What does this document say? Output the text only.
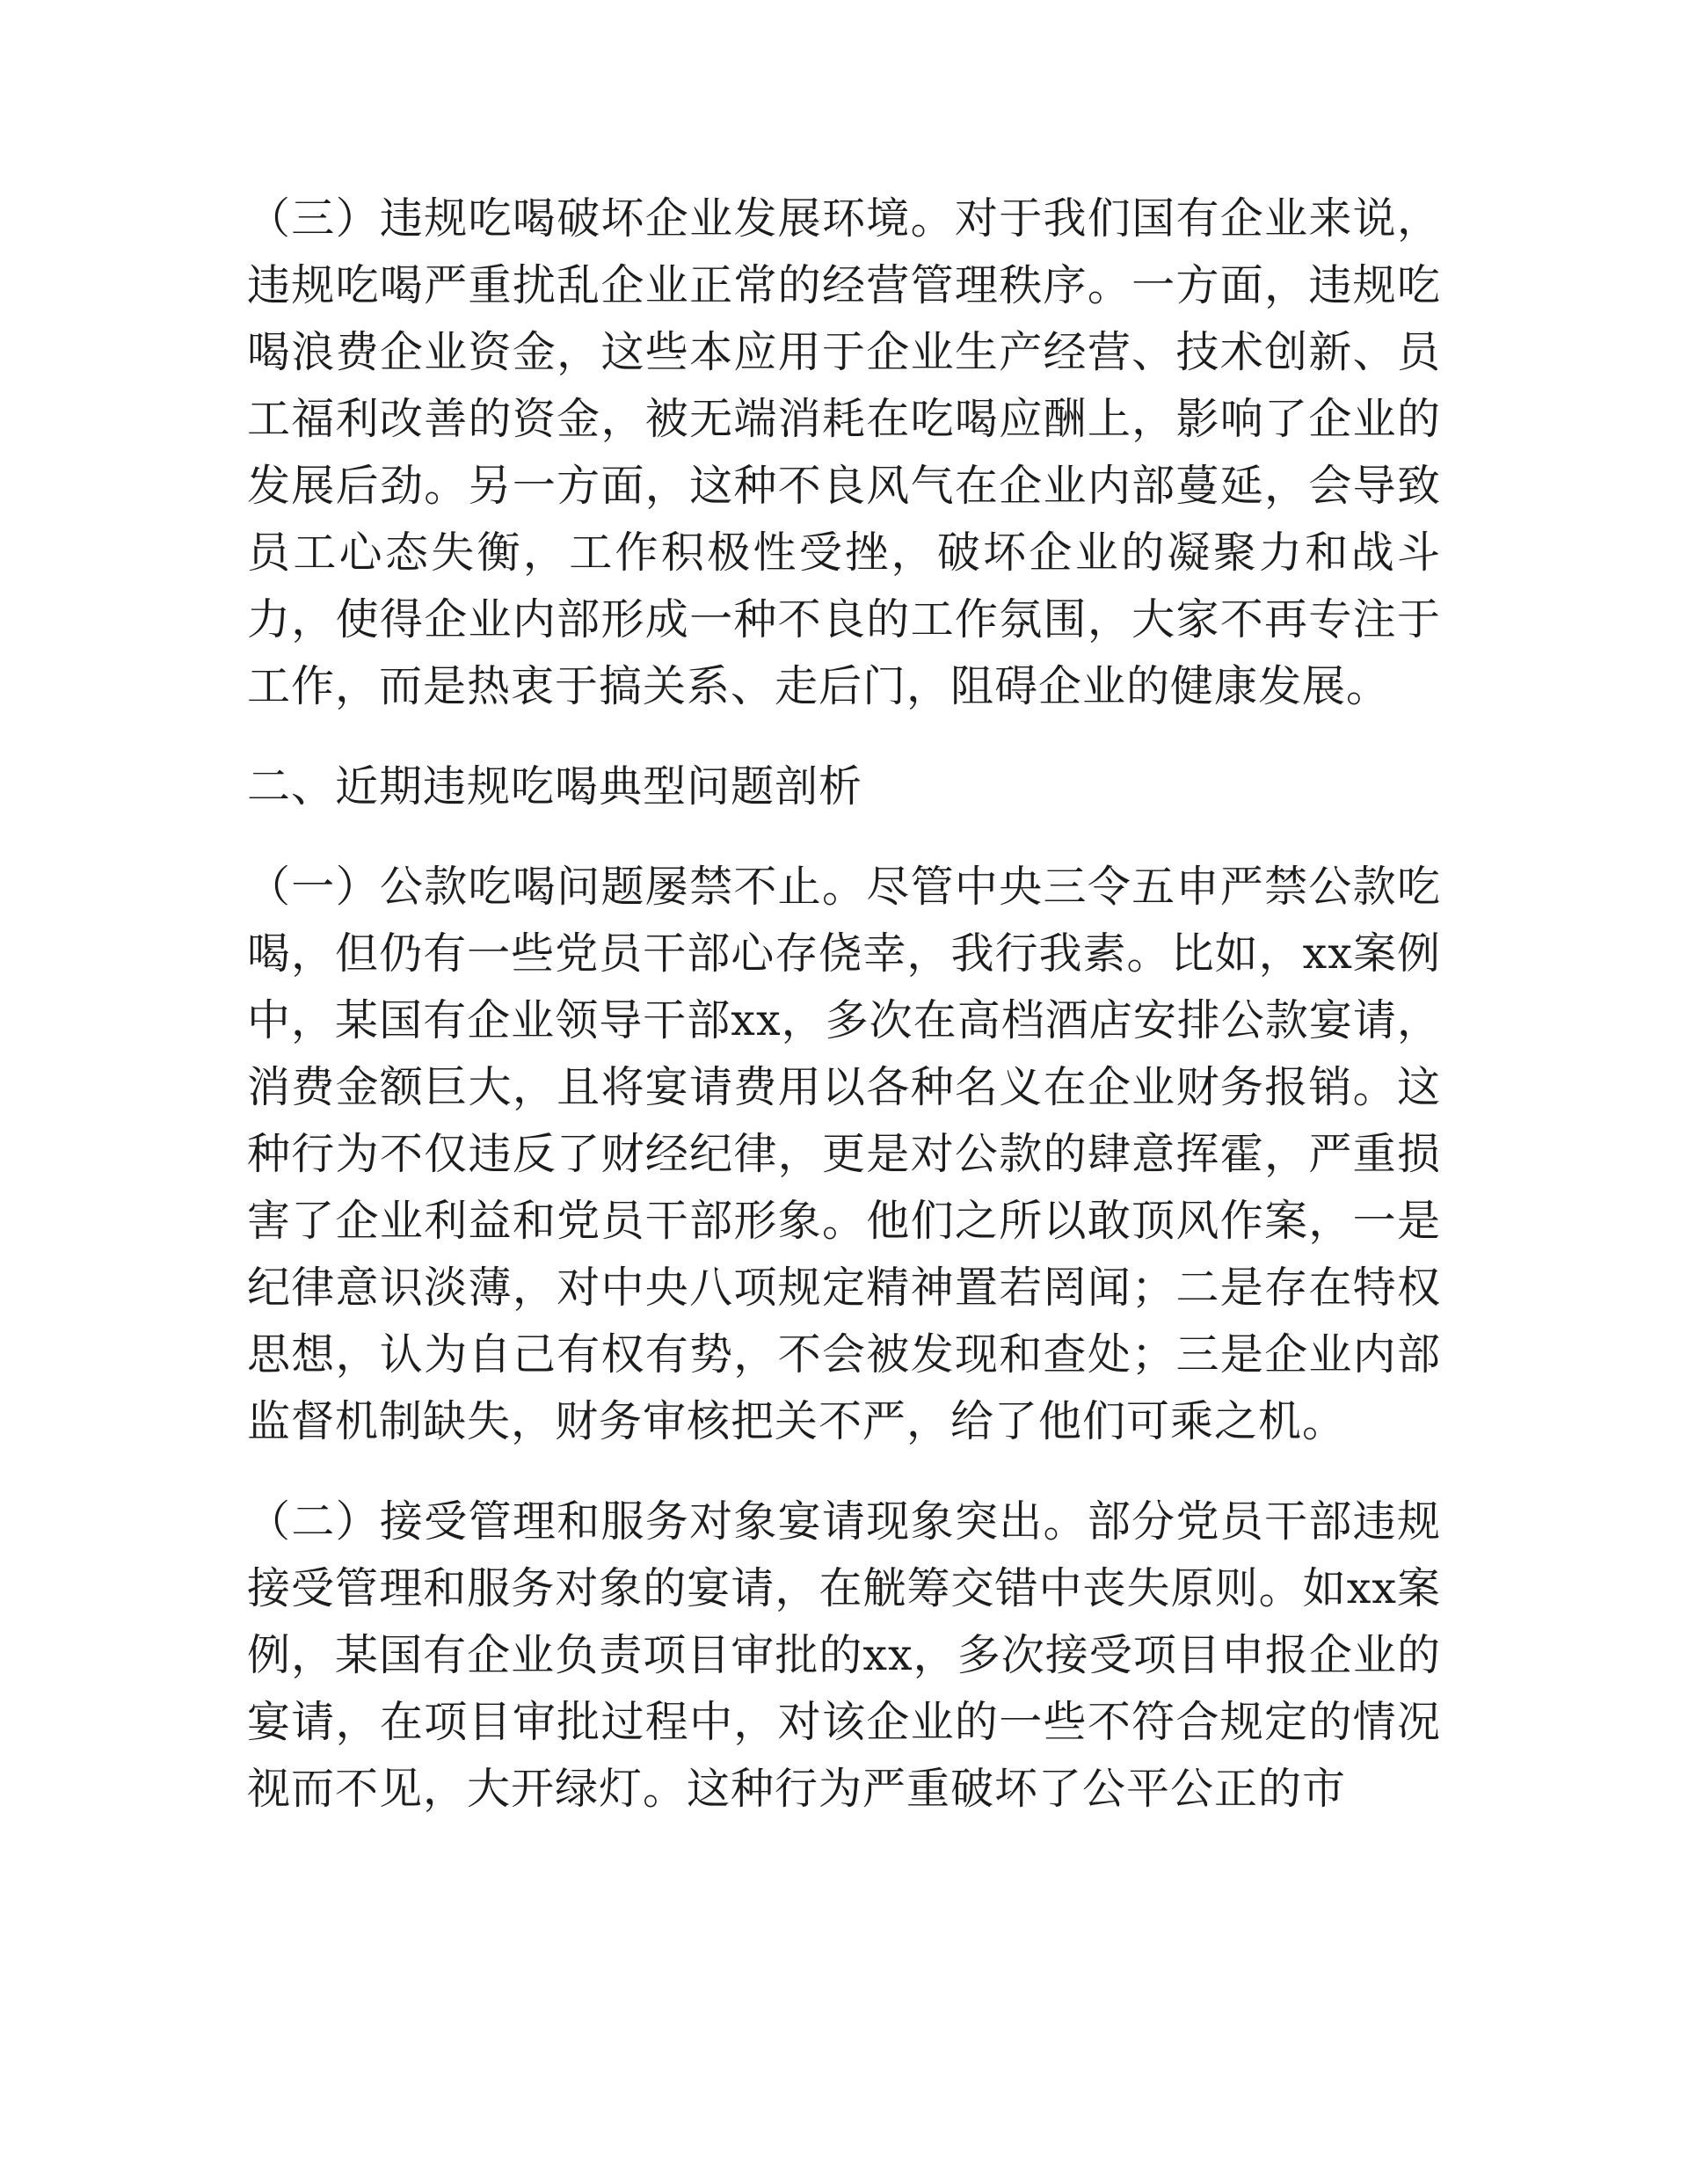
（三）违规吃喝破坏企业发展环境。对于我们国有企业来说，违规吃喝严重扰乱企业正常的经营管理秩序。一方面，违规吃喝浪费企业资金，这些本应用于企业生产经营、技术创新、员工福利改善的资金，被无端消耗在吃喝应酬上，影响了企业的发展后劲。另一方面，这种不良风气在企业内部蔓延，会导致员工心态失衡，工作积极性受挫，破坏企业的凝聚力和战斗力，使得企业内部形成一种不良的工作氛围，大家不再专注于工作，而是热衷于搞关系、走后门，阻碍企业的健康发展。

二、近期违规吃喝典型问题剖析

（一）公款吃喝问题屡禁不止。尽管中央三令五申严禁公款吃喝，但仍有一些党员干部心存侥幸，我行我素。比如，xx案例中，某国有企业领导干部xx，多次在高档酒店安排公款宴请，消费金额巨大，且将宴请费用以各种名义在企业财务报销。这种行为不仅违反了财经纪律，更是对公款的肆意挥霍，严重损害了企业利益和党员干部形象。他们之所以敢顶风作案，一是纪律意识淡薄，对中央八项规定精神置若罔闻；二是存在特权思想，认为自己有权有势，不会被发现和查处；三是企业内部监督机制缺失，财务审核把关不严，给了他们可乘之机。

（二）接受管理和服务对象宴请现象突出。部分党员干部违规接受管理和服务对象的宴请，在觥筹交错中丧失原则。如xx案例，某国有企业负责项目审批的xx，多次接受项目申报企业的宴请，在项目审批过程中，对该企业的一些不符合规定的情况视而不见，大开绿灯。这种行为严重破坏了公平公正的市
